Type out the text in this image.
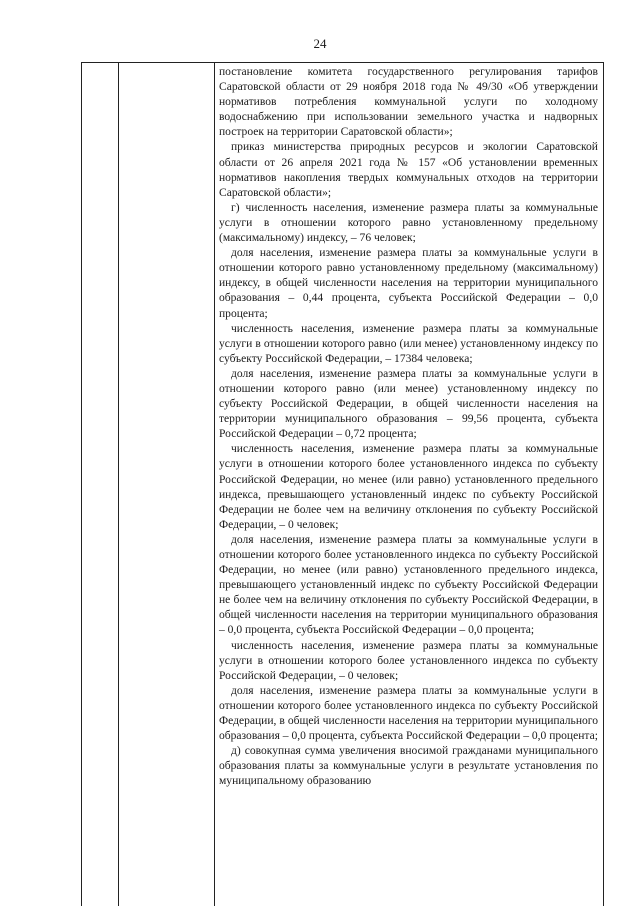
24

постановление комитета государственного регулирования тарифов Саратовской области от 29 ноября 2018 года № 49/30 «Об утверждении нормативов потребления коммунальной услуги по холодному водоснабжению при использовании земельного участка и надворных построек на территории Саратовской области»;

приказ министерства природных ресурсов и экологии Саратовской области от 26 апреля 2021 года № 157 «Об установлении временных нормативов накопления твердых коммунальных отходов на территории Саратовской области»;

г) численность населения, изменение размера платы за коммунальные услуги в отношении которого равно установленному предельному (максимальному) индексу, – 76 человек;

доля населения, изменение размера платы за коммунальные услуги в отношении которого равно установленному предельному (максимальному) индексу, в общей численности населения на территории муниципального образования – 0,44 процента, субъекта Российской Федерации – 0,0 процента;

численность населения, изменение размера платы за коммунальные услуги в отношении которого равно (или менее) установленному индексу по субъекту Российской Федерации, – 17384 человека;

доля населения, изменение размера платы за коммунальные услуги в отношении которого равно (или менее) установленному индексу по субъекту Российской Федерации, в общей численности населения на территории муниципального образования – 99,56 процента, субъекта Российской Федерации – 0,72 процента;

численность населения, изменение размера платы за коммунальные услуги в отношении которого более установленного индекса по субъекту Российской Федерации, но менее (или равно) установленного предельного индекса, превышающего установленный индекс по субъекту Российской Федерации не более чем на величину отклонения по субъекту Российской Федерации, – 0 человек;

доля населения, изменение размера платы за коммунальные услуги в отношении которого более установленного индекса по субъекту Российской Федерации, но менее (или равно) установленного предельного индекса, превышающего установленный индекс по субъекту Российской Федерации не более чем на величину отклонения по субъекту Российской Федерации, в общей численности населения на территории муниципального образования – 0,0 процента, субъекта Российской Федерации – 0,0 процента;

численность населения, изменение размера платы за коммунальные услуги в отношении которого более установленного индекса по субъекту Российской Федерации, – 0 человек;

доля населения, изменение размера платы за коммунальные услуги в отношении которого более установленного индекса по субъекту Российской Федерации, в общей численности населения на территории муниципального образования – 0,0 процента, субъекта Российской Федерации – 0,0 процента;

д) совокупная сумма увеличения вносимой гражданами муниципального образования платы за коммунальные услуги в результате установления по муниципальному образованию
